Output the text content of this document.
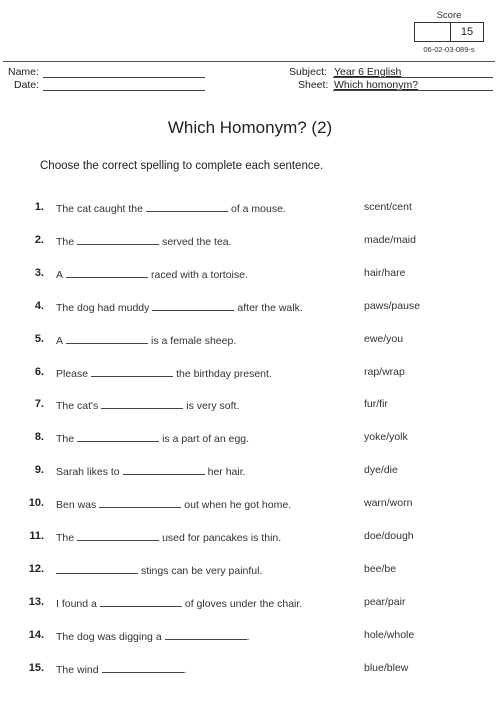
Score
15
06-02-03-089-s
Name:
Date:
Subject: Year 6 English
Sheet: Which homonym?
Which Homonym? (2)
Choose the correct spelling to complete each sentence.
1. The cat caught the	of a mouse.	scent/cent
2. The	served the tea.	made/maid
3. A	raced with a tortoise.	hair/hare
4. The dog had muddy	after the walk.	paws/pause
5. A	is a female sheep.	ewe/you
6. Please	the birthday present.	rap/wrap
7. The cat's	is very soft.	fur/fir
8. The	is a part of an egg.	yoke/yolk
9. Sarah likes to	her hair.	dye/die
10. Ben was	out when he got home.	warn/worn
11. The	used for pancakes is thin.	doe/dough
12.	stings can be very painful.	bee/be
13. I found a	of gloves under the chair.	pear/pair
14. The dog was digging a	.	hole/whole
15. The wind	.	blue/blew
